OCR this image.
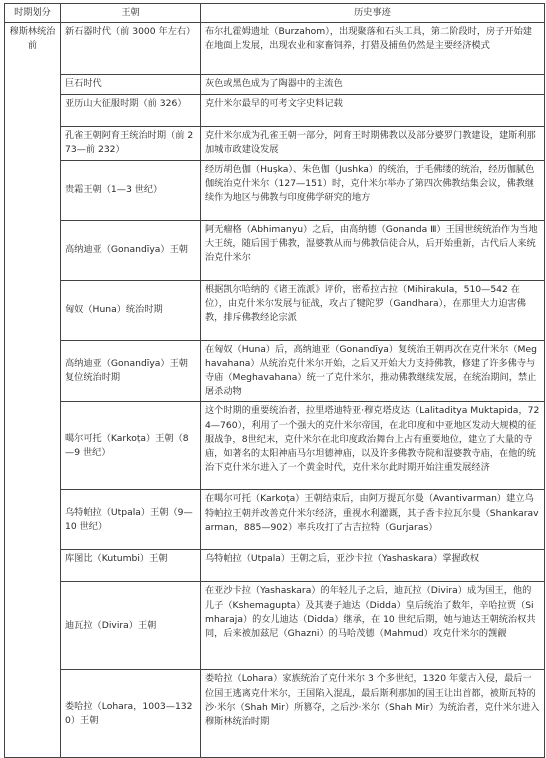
时期划分	王朝	历史事迹
穆斯林统治前	新石器时代（前 3000 年左右）	布尔扎霍姆遗址（Burzahom），出现聚落和石头工具，第二阶段时，房子开始建在地面上发展，出现农业和家畜饲养，打猎及捕鱼仍然是主要经济模式
	巨石时代	灰色或黑色成为了陶器中的主流色
	亚历山大征服时期（前 326）	克什米尔最早的可考文字史料记载
	孔雀王朝阿育王统治时期（前 273—前 232）	克什米尔成为孔雀王朝一部分，阿育王时期佛教以及部分婆罗门教建设，建斯利那加城市政建设发展
	贵霜王朝（1—3 世纪）	经历胡色伽（Huṣka）、朱色伽（Jushka）的统治，于毛佛缕的统治，经历伽腻色伽统治克什米尔（127—151）时，克什米尔举办了第四次佛教结集会议，佛教继续作为地区与佛教与印度佛学研究的地方
	高纳迪亚（Gonandīya）王朝	阿无瘤格（Abhimanyu）之后，由高纳德（Gonanda Ⅲ）王国世统统治作为当地大王统，随后国于佛教，湿婆教从而与佛教信徒合从，后开始重新，古代后人来统治克什米尔
	匈奴（Huna）统治时期	根据凯尔哈纳的《诸王流派》评价，密希拉古拉（Mihirakula，510—542 在位），由克什米尔发展与征战，攻占了犍陀罗（Gandhara），在那里大力迫害佛教，排斥佛教经论宗派
	高纳迪亚（Gonandīya）王朝复位统治时期	在匈奴（Huna）后，高纳迪亚（Gonandīya）复统治王朝再次在克什米尔（Meghavahana）从统治克什米尔开始，之后又开始大力支持佛教，修建了许多佛寺与寺庙（Meghavahana）统一了克什米尔，推动佛教继续发展，在统治期间，禁止屠杀动物
	噶尔可托（Karkoṭa）王朝（8—9 世纪）	这个时期的重要统治者，拉里塔迪特亚·穆克塔皮达（Lalitaditya Muktapida，724—760），利用了一个强大的克什米尔帝国，在北印度和中亚地区发动大规模的征服战争，8世纪末，克什米尔在北印度政治舞台上占有重要地位，建立了大量的寺庙，如著名的太阳神庙马尔坦德神庙，以及许多佛教寺院和湿婆教寺庙，在他的统治下克什米尔进入了一个黄金时代，克什米尔此时期开始注重发展经济
	乌特帕拉（Utpala）王朝（9—10 世纪）	在噶尔可托（Karkoṭa）王朝结束后，由阿万提瓦尔曼（Avantivarman）建立乌特帕拉王朝并改善克什米尔经济，重视水利灌溉，其子香卡拉瓦尔曼（Shankaravarman，885—902）率兵攻打了古吉拉特（Gurjaras）
	库图比（Kutumbi）王朝	乌特帕拉（Utpala）王朝之后，亚沙卡拉（Yashaskara）掌握政权
	迪瓦拉（Divira）王朝	在亚沙卡拉（Yashaskara）的年轻儿子之后，迪瓦拉（Divira）成为国王，他的儿子（Kshemagupta）及其妻子迪达（Didda）皇后统治了数年，辛哈拉贾（Simharaja）的女儿迪达（Didda）继承，在 10 世纪后期，她与迪达王朝统治权共同，后来被加兹尼（Ghazni）的马哈茂德（Mahmud）攻克什米尔的觊觎
	娄哈拉（Lohara，1003—1320）王朝	娄哈拉（Lohara）家族统治了克什米尔 3 个多世纪，1320 年蒙古入侵，最后一位国王逃离克什米尔，王国陷入混乱，最后斯利那加的国王让出首都，被斯瓦特的沙·米尔（Shah Mir）所篡夺，之后沙·米尔（Shah Mir）为统治者，克什米尔进入穆斯林统治时期
